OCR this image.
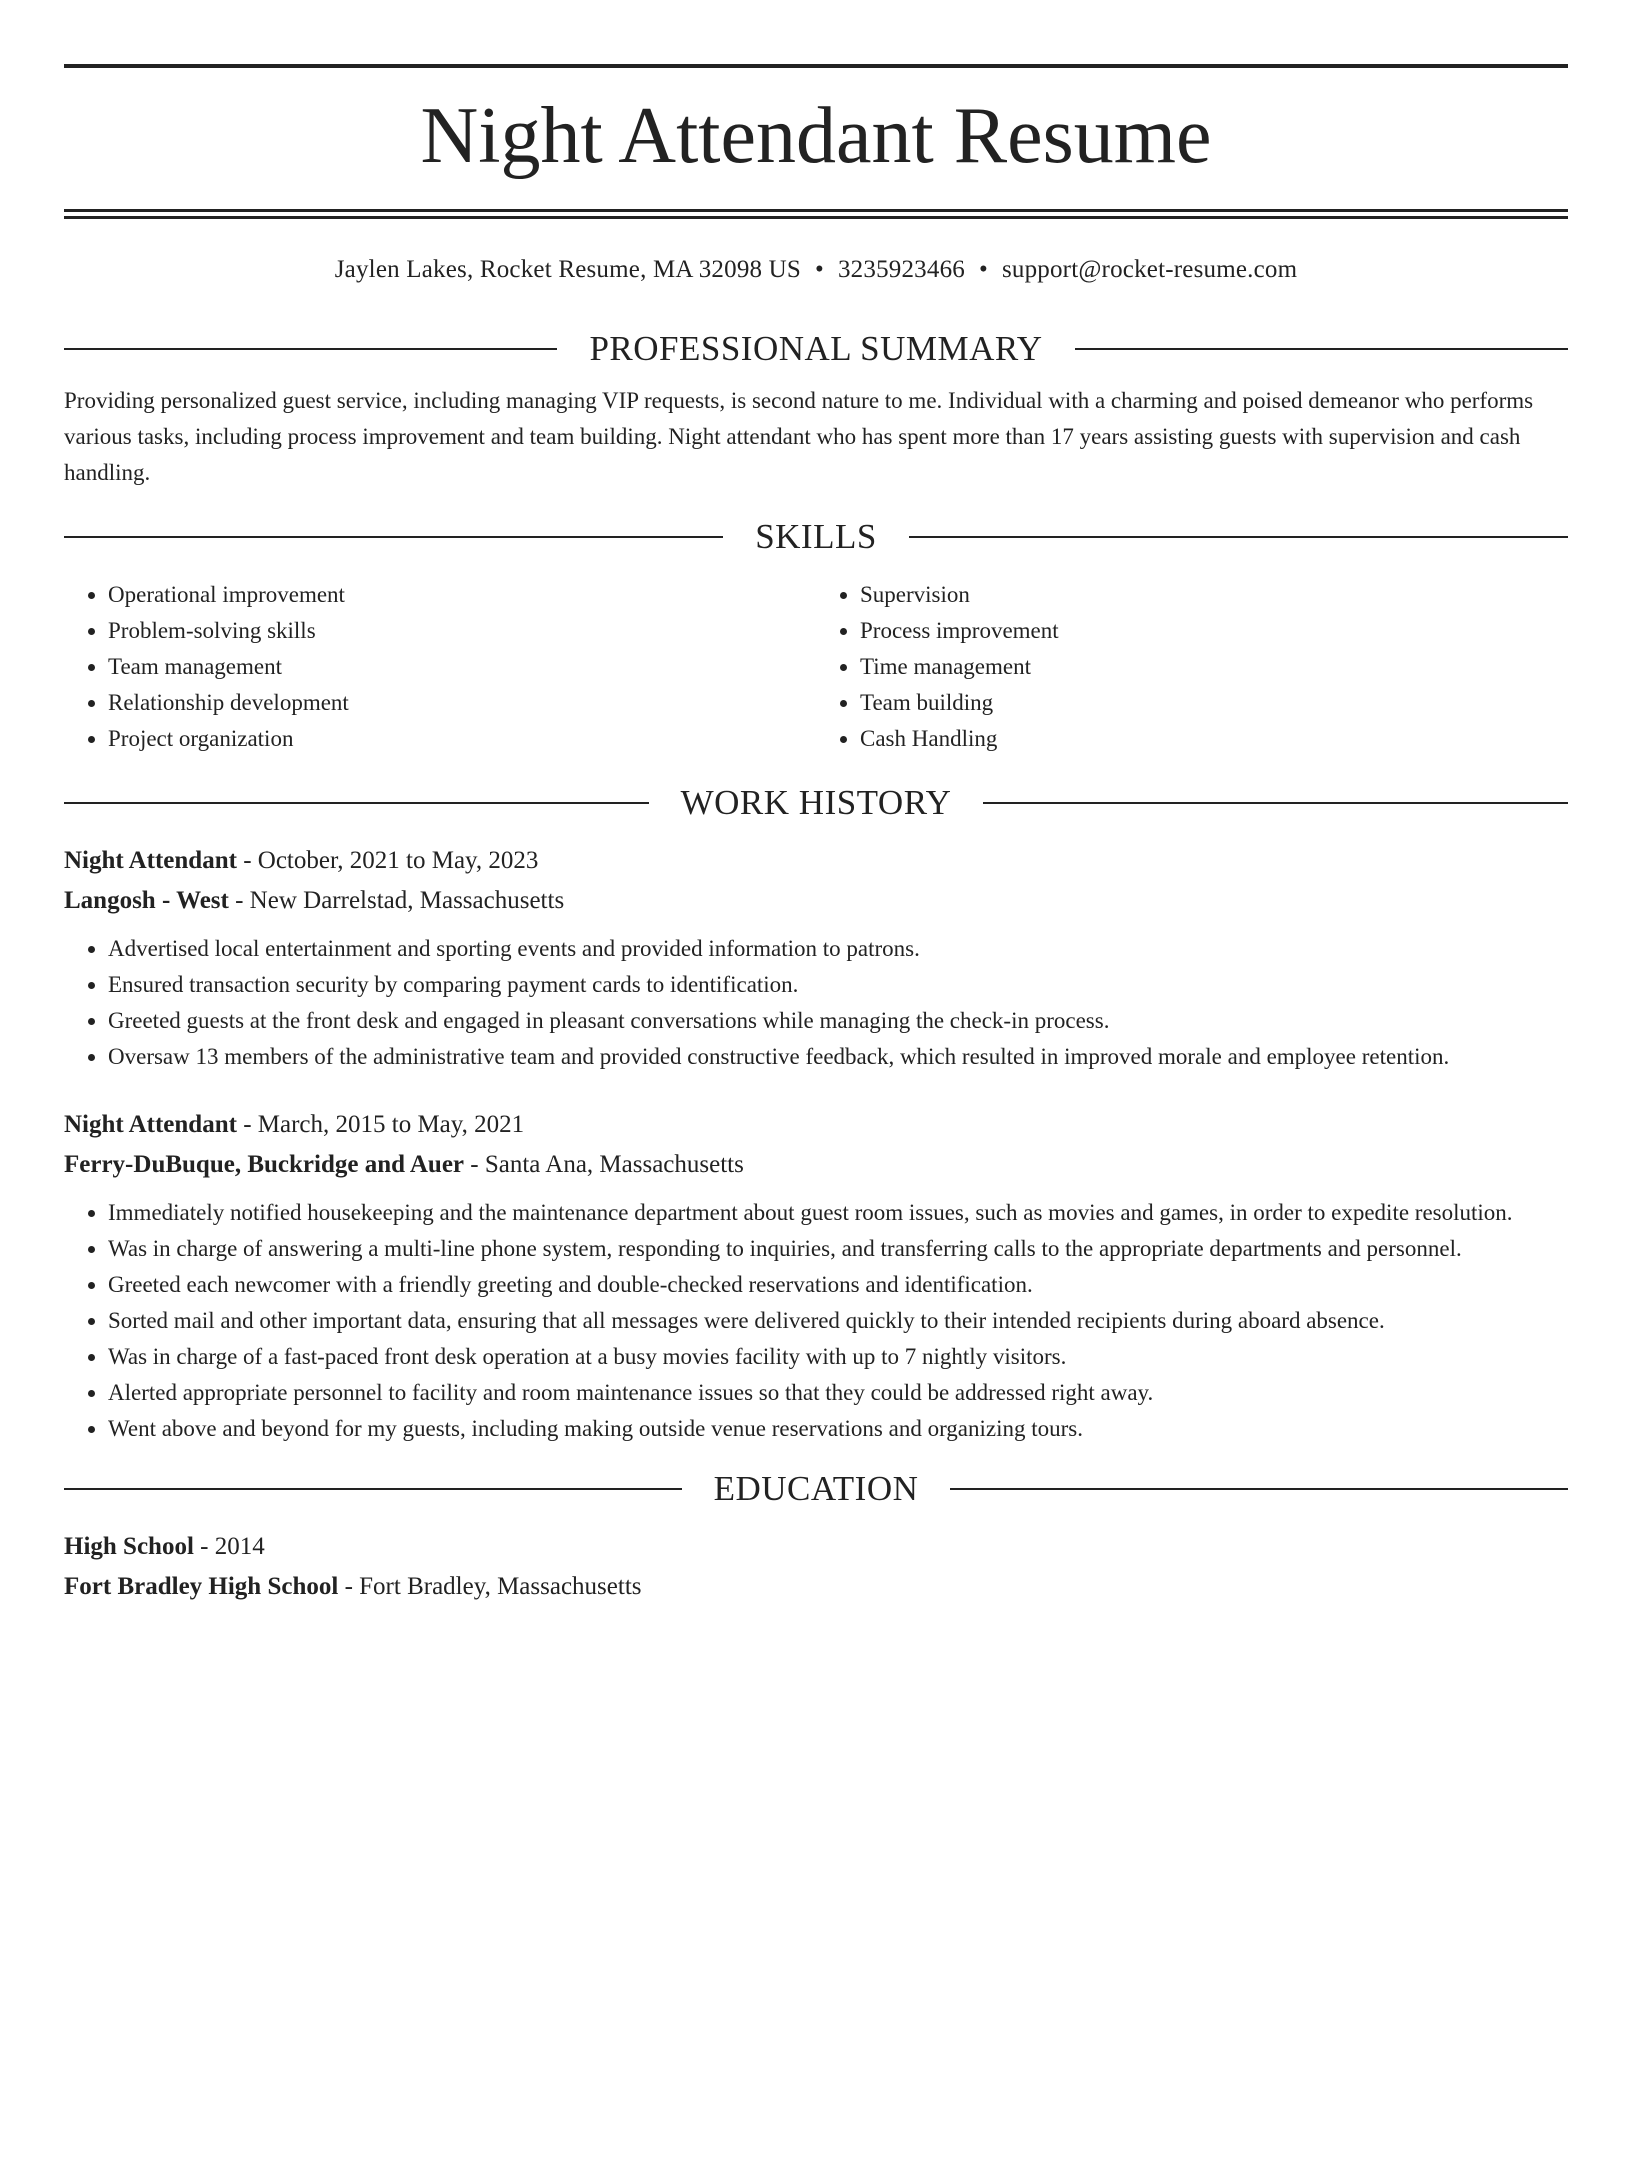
Night Attendant Resume
Jaylen Lakes, Rocket Resume, MA 32098 US • 3235923466 • support@rocket-resume.com
PROFESSIONAL SUMMARY
Providing personalized guest service, including managing VIP requests, is second nature to me. Individual with a charming and poised demeanor who performs various tasks, including process improvement and team building. Night attendant who has spent more than 17 years assisting guests with supervision and cash handling.
SKILLS
• Operational improvement
• Problem-solving skills
• Team management
• Relationship development
• Project organization
• Supervision
• Process improvement
• Time management
• Team building
• Cash Handling
WORK HISTORY
Night Attendant - October, 2021 to May, 2023
Langosh - West - New Darrelstad, Massachusetts
• Advertised local entertainment and sporting events and provided information to patrons.
• Ensured transaction security by comparing payment cards to identification.
• Greeted guests at the front desk and engaged in pleasant conversations while managing the check-in process.
• Oversaw 13 members of the administrative team and provided constructive feedback, which resulted in improved morale and employee retention.
Night Attendant - March, 2015 to May, 2021
Ferry-DuBuque, Buckridge and Auer - Santa Ana, Massachusetts
• Immediately notified housekeeping and the maintenance department about guest room issues, such as movies and games, in order to expedite resolution.
• Was in charge of answering a multi-line phone system, responding to inquiries, and transferring calls to the appropriate departments and personnel.
• Greeted each newcomer with a friendly greeting and double-checked reservations and identification.
• Sorted mail and other important data, ensuring that all messages were delivered quickly to their intended recipients during aboard absence.
• Was in charge of a fast-paced front desk operation at a busy movies facility with up to 7 nightly visitors.
• Alerted appropriate personnel to facility and room maintenance issues so that they could be addressed right away.
• Went above and beyond for my guests, including making outside venue reservations and organizing tours.
EDUCATION
High School - 2014
Fort Bradley High School - Fort Bradley, Massachusetts
